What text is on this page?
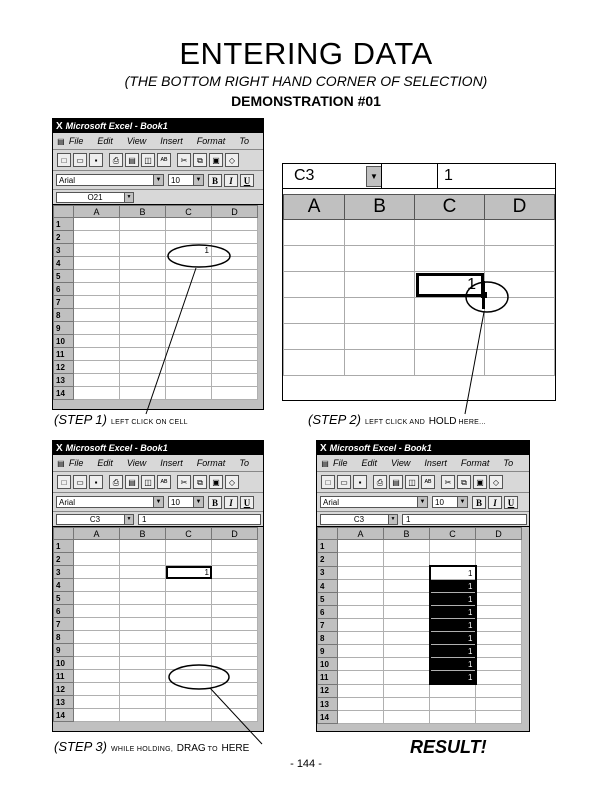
ENTERING DATA
(THE BOTTOM RIGHT HAND CORNER OF SELECTION)
DEMONSTRATION #01
X Microsoft Excel - Book1
▤ File Edit View Insert Format To
□	▭	▪	⎙	▤	◫	ᴬᴮ	✂	⧉	▣	◇
Arial	▼	10	▼	B	I	U
O21	▼
	A	B	C	D
1				
2				
3			1	
4				
5				
6				
7				
8				
9				
10				
11				
12				
13				
14				
C3	▼	1
A	B	C	D

		1	

X Microsoft Excel - Book1
▤ File Edit View Insert Format To
□	▭	▪	⎙	▤	◫	ᴬᴮ	✂	⧉	▣	◇
Arial	▼	10	▼	B	I	U
C3	▼	1
	A	B	C	D
1				
2				
3			1	
4				
5				
6				
7				
8				
9				
10				
11				
12				
13				
14				
X Microsoft Excel - Book1
▤ File Edit View Insert Format To
□	▭	▪	⎙	▤	◫	ᴬᴮ	✂	⧉	▣	◇
Arial	▼	10	▼	B	I	U
C3	▼	1
	A	B	C	D
1				
2				
3			1	
4			1	
5			1	
6			1	
7			1	
8			1	
9			1	
10			1	
11			1	
12				
13				
14				
(STEP 1) LEFT CLICK ON CELL	(STEP 2) LEFT CLICK AND HOLD HERE...
(STEP 3) WHILE HOLDING, DRAG TO HERE	RESULT!
- 144 -
